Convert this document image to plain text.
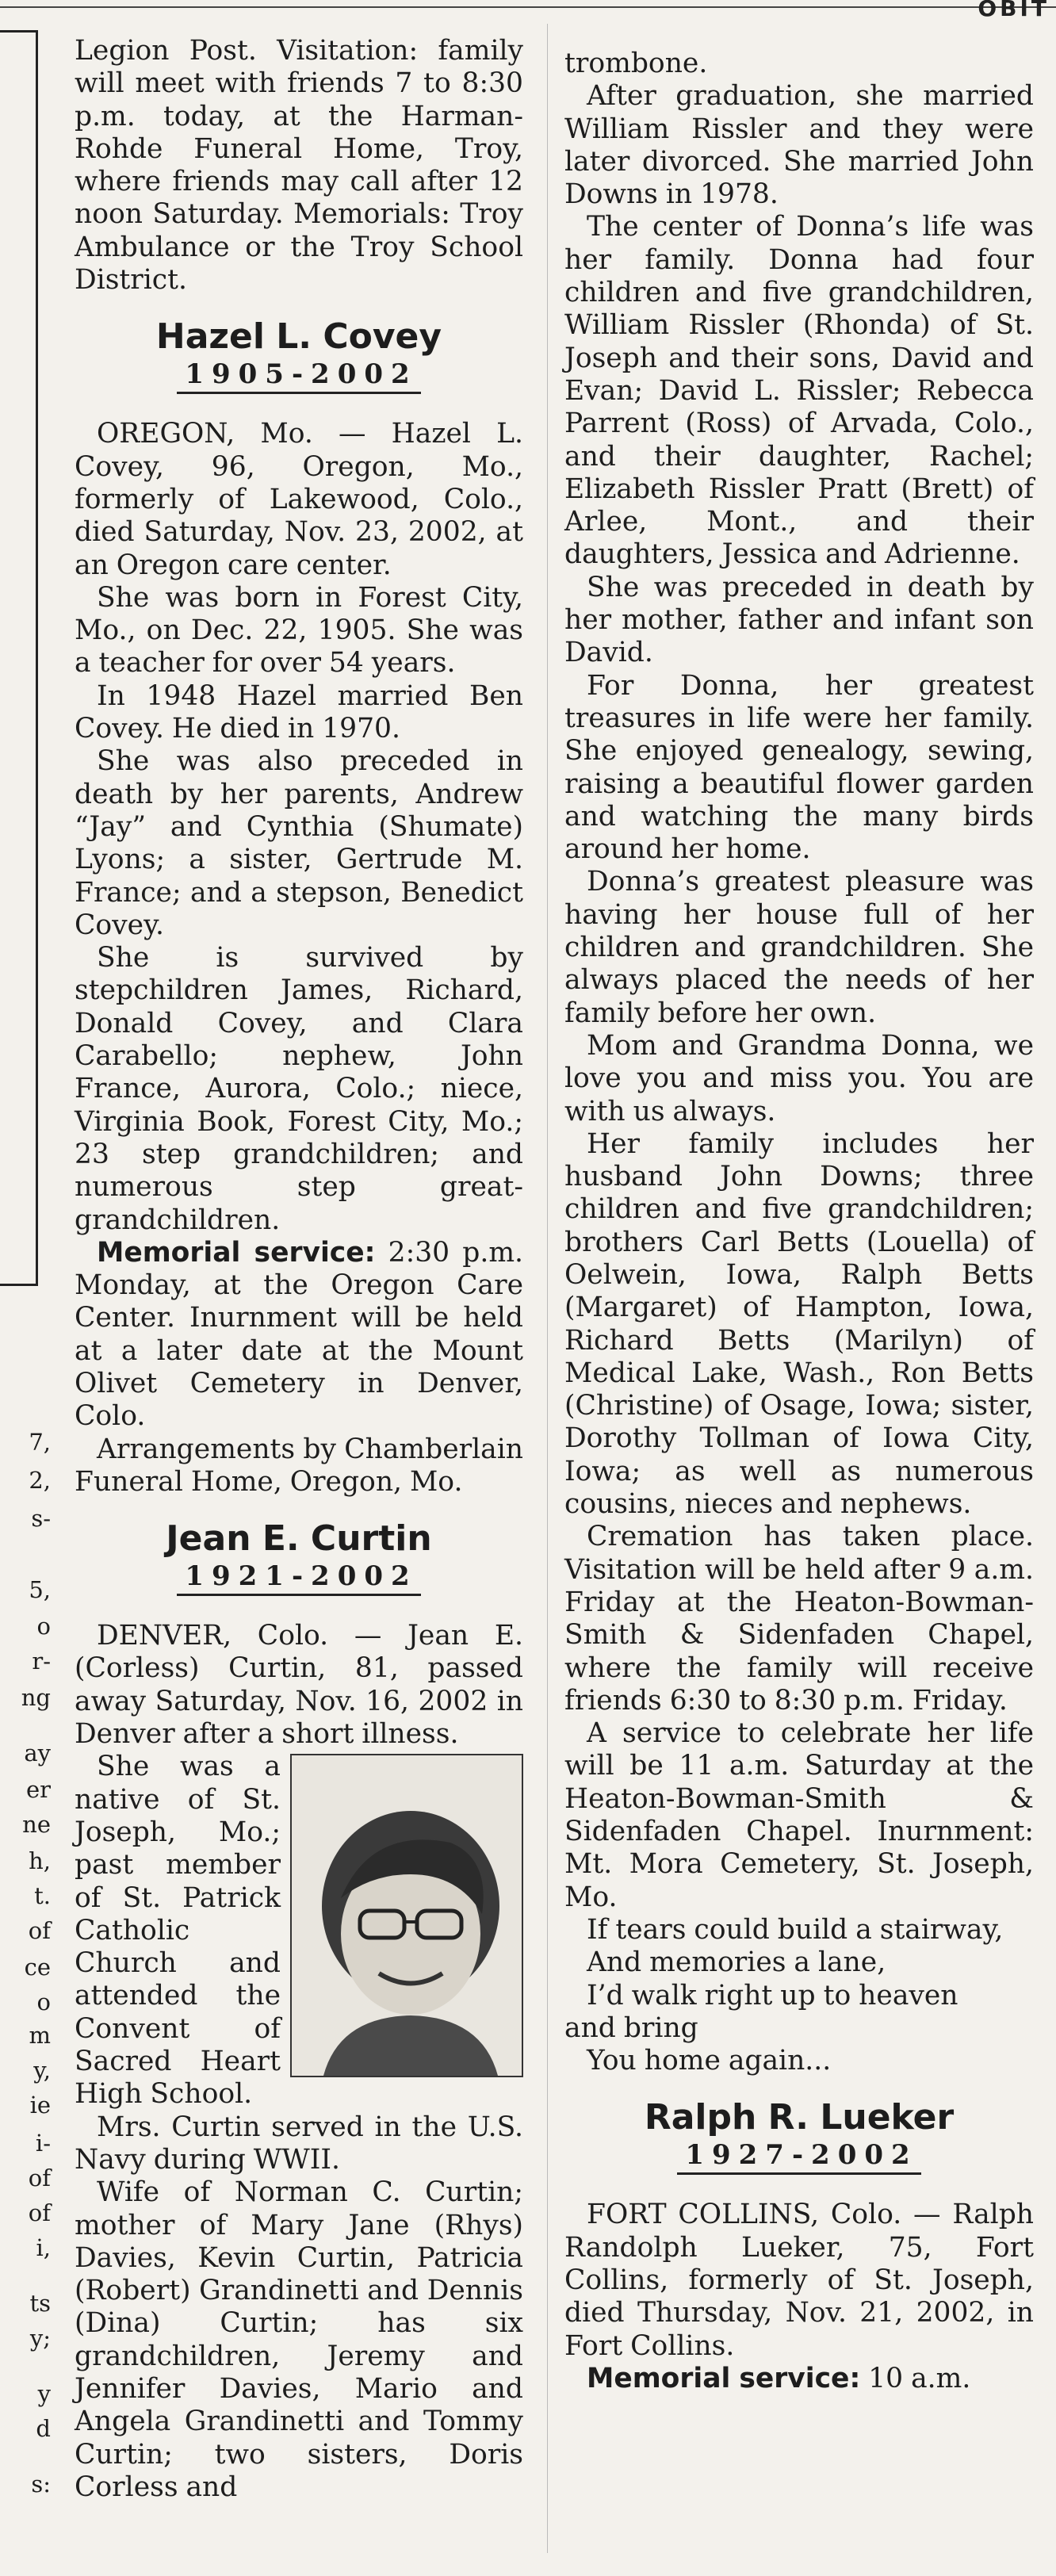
OBIT
7,
2,
s-
5,
o
r-
ng
ay
er
ne
h,
t.
of
ce
o
m
y,
ie
i-
of
of
i,
ts
y;
y
d
s:

Legion Post. Visitation: family will meet with friends 7 to 8:30 p.m. today, at the Harman-Rohde Funeral Home, Troy, where friends may call after 12 noon Saturday. Memorials: Troy Ambulance or the Troy School District.

Hazel L. Covey
1905-2002

OREGON, Mo. — Hazel L. Covey, 96, Oregon, Mo., formerly of Lakewood, Colo., died Saturday, Nov. 23, 2002, at an Oregon care center.

She was born in Forest City, Mo., on Dec. 22, 1905. She was a teacher for over 54 years.

In 1948 Hazel married Ben Covey. He died in 1970.

She was also preceded in death by her parents, Andrew “Jay” and Cynthia (Shumate) Lyons; a sister, Gertrude M. France; and a stepson, Benedict Covey.

She is survived by stepchildren James, Richard, Donald Covey, and Clara Carabello; nephew, John France, Aurora, Colo.; niece, Virginia Book, Forest City, Mo.; 23 step grandchildren; and numerous step great-grandchildren.

Memorial service: 2:30 p.m. Monday, at the Oregon Care Center. Inurnment will be held at a later date at the Mount Olivet Cemetery in Denver, Colo.

Arrangements by Chamberlain Funeral Home, Oregon, Mo.

Jean E. Curtin
1921-2002

DENVER, Colo. — Jean E. (Corless) Curtin, 81, passed away Saturday, Nov. 16, 2002 in Denver after a short illness.

She was a native of St. Joseph, Mo.; past member of St. Patrick Catholic Church and attended the Convent of Sacred Heart High School.

Mrs. Curtin served in the U.S. Navy during WWII.

Wife of Norman C. Curtin; mother of Mary Jane (Rhys) Davies, Kevin Curtin, Patricia (Robert) Grandinetti and Dennis (Dina) Curtin; has six grandchildren, Jeremy and Jennifer Davies, Mario and Angela Grandinetti and Tommy Curtin; two sisters, Doris Corless and

trombone.

After graduation, she married William Rissler and they were later divorced. She married John Downs in 1978.

The center of Donna’s life was her family. Donna had four children and five grandchildren, William Rissler (Rhonda) of St. Joseph and their sons, David and Evan; David L. Rissler; Rebecca Parrent (Ross) of Arvada, Colo., and their daughter, Rachel; Elizabeth Rissler Pratt (Brett) of Arlee, Mont., and their daughters, Jessica and Adrienne.

She was preceded in death by her mother, father and infant son David.

For Donna, her greatest treasures in life were her family. She enjoyed genealogy, sewing, raising a beautiful flower garden and watching the many birds around her home.

Donna’s greatest pleasure was having her house full of her children and grandchildren. She always placed the needs of her family before her own.

Mom and Grandma Donna, we love you and miss you. You are with us always.

Her family includes her husband John Downs; three children and five grandchildren; brothers Carl Betts (Louella) of Oelwein, Iowa, Ralph Betts (Margaret) of Hampton, Iowa, Richard Betts (Marilyn) of Medical Lake, Wash., Ron Betts (Christine) of Osage, Iowa; sister, Dorothy Tollman of Iowa City, Iowa; as well as numerous cousins, nieces and nephews.

Cremation has taken place. Visitation will be held after 9 a.m. Friday at the Heaton-Bowman-Smith & Sidenfaden Chapel, where the family will receive friends 6:30 to 8:30 p.m. Friday.

A service to celebrate her life will be 11 a.m. Saturday at the Heaton-Bowman-Smith & Sidenfaden Chapel. Inurnment: Mt. Mora Cemetery, St. Joseph, Mo.

If tears could build a stairway,

And memories a lane,

I’d walk right up to heaven

and bring

You home again...

Ralph R. Lueker
1927-2002

FORT COLLINS, Colo. — Ralph Randolph Lueker, 75, Fort Collins, formerly of St. Joseph, died Thursday, Nov. 21, 2002, in Fort Collins.

Memorial service: 10 a.m.
